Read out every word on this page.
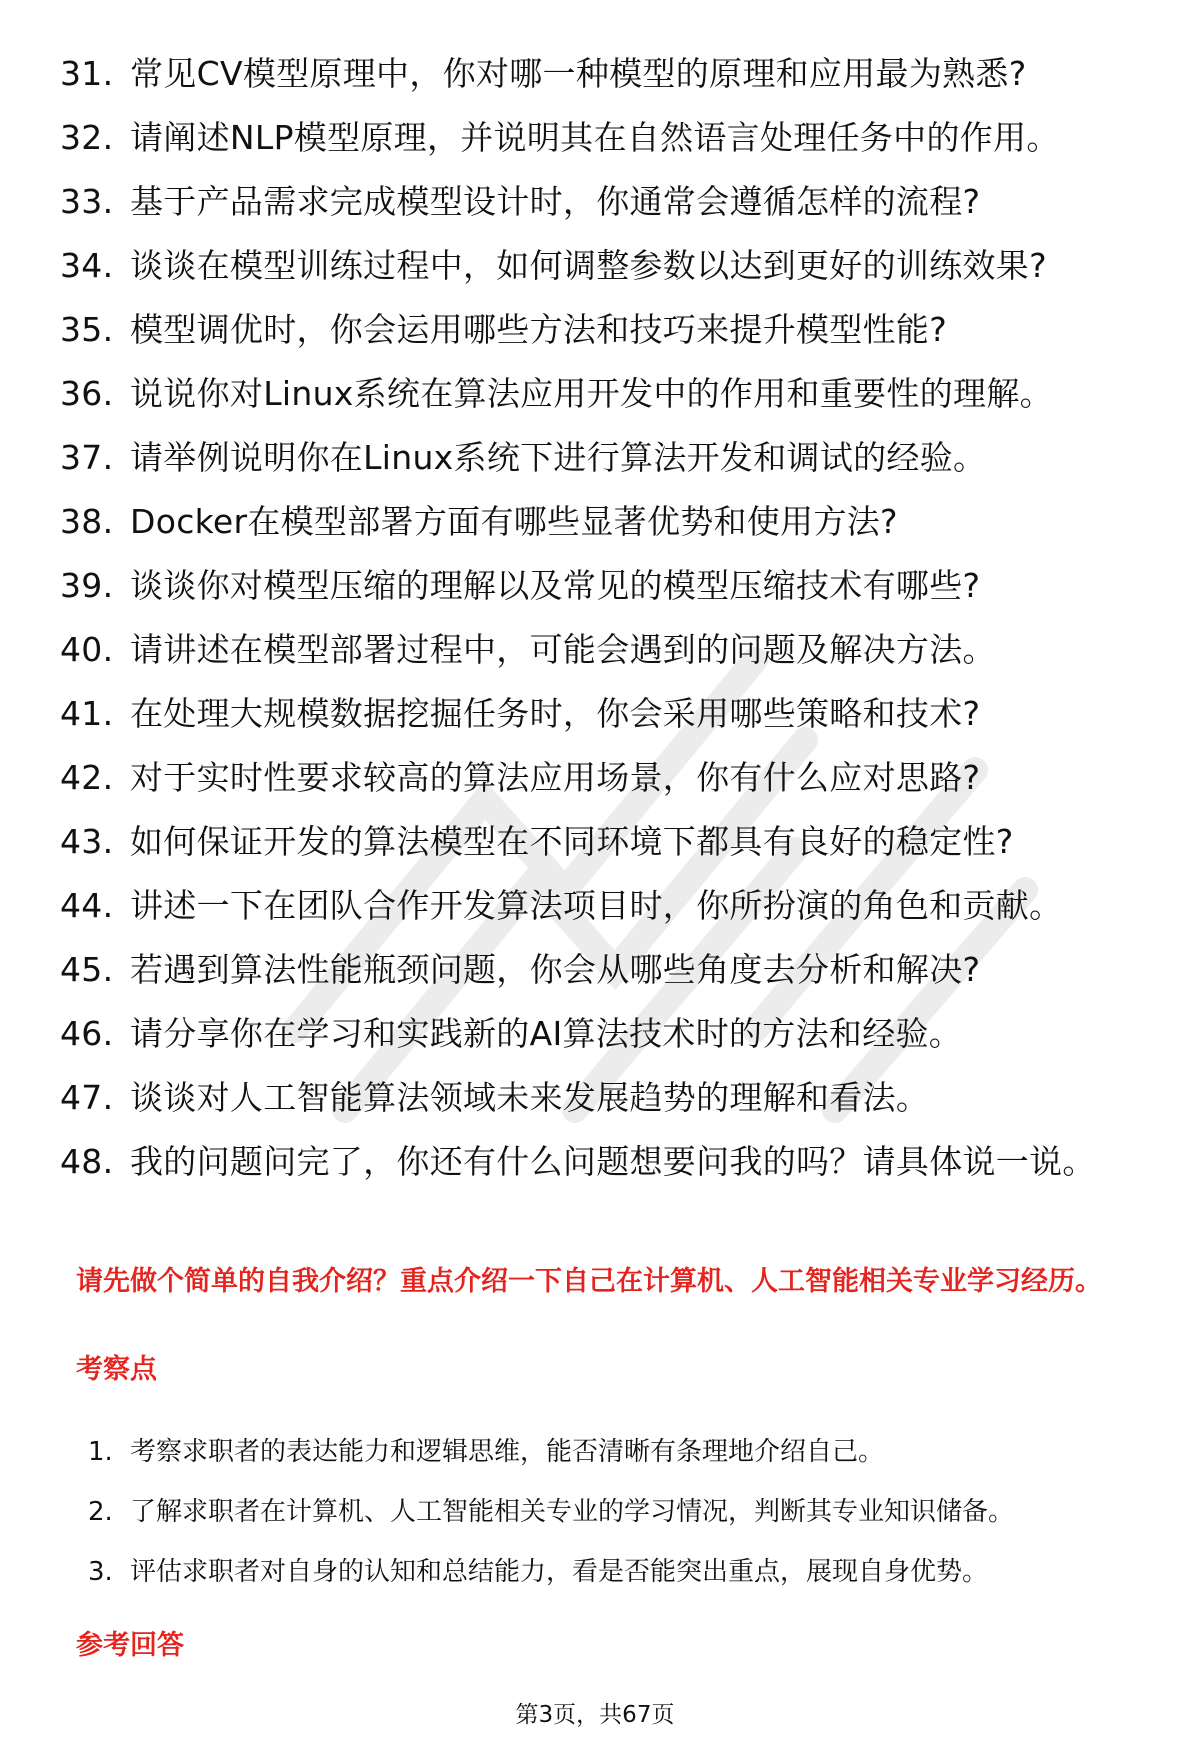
31. 常见CV模型原理中，你对哪一种模型的原理和应用最为熟悉?
32. 请阐述NLP模型原理，并说明其在自然语言处理任务中的作用。
33. 基于产品需求完成模型设计时，你通常会遵循怎样的流程?
34. 谈谈在模型训练过程中，如何调整参数以达到更好的训练效果?
35. 模型调优时，你会运用哪些方法和技巧来提升模型性能?
36. 说说你对Linux系统在算法应用开发中的作用和重要性的理解。
37. 请举例说明你在Linux系统下进行算法开发和调试的经验。
38. Docker在模型部署方面有哪些显著优势和使用方法?
39. 谈谈你对模型压缩的理解以及常见的模型压缩技术有哪些?
40. 请讲述在模型部署过程中，可能会遇到的问题及解决方法。
41. 在处理大规模数据挖掘任务时，你会采用哪些策略和技术?
42. 对于实时性要求较高的算法应用场景，你有什么应对思路?
43. 如何保证开发的算法模型在不同环境下都具有良好的稳定性?
44. 讲述一下在团队合作开发算法项目时，你所扮演的角色和贡献。
45. 若遇到算法性能瓶颈问题，你会从哪些角度去分析和解决?
46. 请分享你在学习和实践新的AI算法技术时的方法和经验。
47. 谈谈对人工智能算法领域未来发展趋势的理解和看法。
48. 我的问题问完了，你还有什么问题想要问我的吗？请具体说一说。
请先做个简单的自我介绍？重点介绍一下自己在计算机、人工智能相关专业学习经历。
考察点
1. 考察求职者的表达能力和逻辑思维，能否清晰有条理地介绍自己。
2. 了解求职者在计算机、人工智能相关专业的学习情况，判断其专业知识储备。
3. 评估求职者对自身的认知和总结能力，看是否能突出重点，展现自身优势。
参考回答
第3页，共67页
